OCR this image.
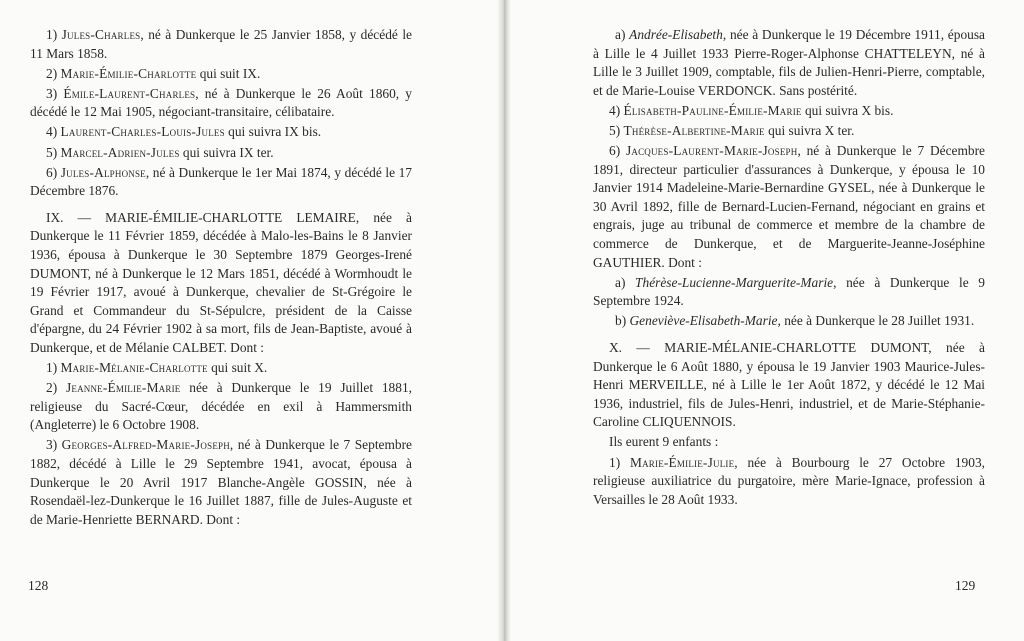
1) Jules-Charles, né à Dunkerque le 25 Janvier 1858, y décédé le 11 Mars 1858.

2) Marie-Émilie-Charlotte qui suit IX.

3) Émile-Laurent-Charles, né à Dunkerque le 26 Août 1860, y décédé le 12 Mai 1905, négociant-transitaire, célibataire.

4) Laurent-Charles-Louis-Jules qui suivra IX bis.

5) Marcel-Adrien-Jules qui suivra IX ter.

6) Jules-Alphonse, né à Dunkerque le 1er Mai 1874, y décédé le 17 Décembre 1876.

IX. — MARIE-ÉMILIE-CHARLOTTE LEMAIRE, née à Dunkerque le 11 Février 1859, décédée à Malo-les-Bains le 8 Janvier 1936, épousa à Dunkerque le 30 Septembre 1879 Georges-Irené DUMONT, né à Dunkerque le 12 Mars 1851, décédé à Wormhoudt le 19 Février 1917, avoué à Dunkerque, chevalier de St-Grégoire le Grand et Commandeur du St-Sépulcre, président de la Caisse d'épargne, du 24 Février 1902 à sa mort, fils de Jean-Baptiste, avoué à Dunkerque, et de Mélanie CALBET. Dont :

1) Marie-Mélanie-Charlotte qui suit X.

2) Jeanne-Émilie-Marie née à Dunkerque le 19 Juillet 1881, religieuse du Sacré-Cœur, décédée en exil à Hammersmith (Angleterre) le 6 Octobre 1908.

3) Georges-Alfred-Marie-Joseph, né à Dunkerque le 7 Septembre 1882, décédé à Lille le 29 Septembre 1941, avocat, épousa à Dunkerque le 20 Avril 1917 Blanche-Angèle GOSSIN, née à Rosendaël-lez-Dunkerque le 16 Juillet 1887, fille de Jules-Auguste et de Marie-Henriette BERNARD. Dont :

128

a) Andrée-Elisabeth, née à Dunkerque le 19 Décembre 1911, épousa à Lille le 4 Juillet 1933 Pierre-Roger-Alphonse CHATTELEYN, né à Lille le 3 Juillet 1909, comptable, fils de Julien-Henri-Pierre, comptable, et de Marie-Louise VERDONCK. Sans postérité.

4) Élisabeth-Pauline-Émilie-Marie qui suivra X bis.

5) Thérèse-Albertine-Marie qui suivra X ter.

6) Jacques-Laurent-Marie-Joseph, né à Dunkerque le 7 Décembre 1891, directeur particulier d'assurances à Dunkerque, y épousa le 10 Janvier 1914 Madeleine-Marie-Bernardine GYSEL, née à Dunkerque le 30 Avril 1892, fille de Bernard-Lucien-Fernand, négociant en grains et engrais, juge au tribunal de commerce et membre de la chambre de commerce de Dunkerque, et de Marguerite-Jeanne-Joséphine GAUTHIER. Dont :

a) Thérèse-Lucienne-Marguerite-Marie, née à Dunkerque le 9 Septembre 1924.

b) Geneviève-Elisabeth-Marie, née à Dunkerque le 28 Juillet 1931.

X. — MARIE-MÉLANIE-CHARLOTTE DUMONT, née à Dunkerque le 6 Août 1880, y épousa le 19 Janvier 1903 Maurice-Jules-Henri MERVEILLE, né à Lille le 1er Août 1872, y décédé le 12 Mai 1936, industriel, fils de Jules-Henri, industriel, et de Marie-Stéphanie-Caroline CLIQUENNOIS.

Ils eurent 9 enfants :

1) Marie-Émilie-Julie, née à Bourbourg le 27 Octobre 1903, religieuse auxiliatrice du purgatoire, mère Marie-Ignace, profession à Versailles le 28 Août 1933.

129
